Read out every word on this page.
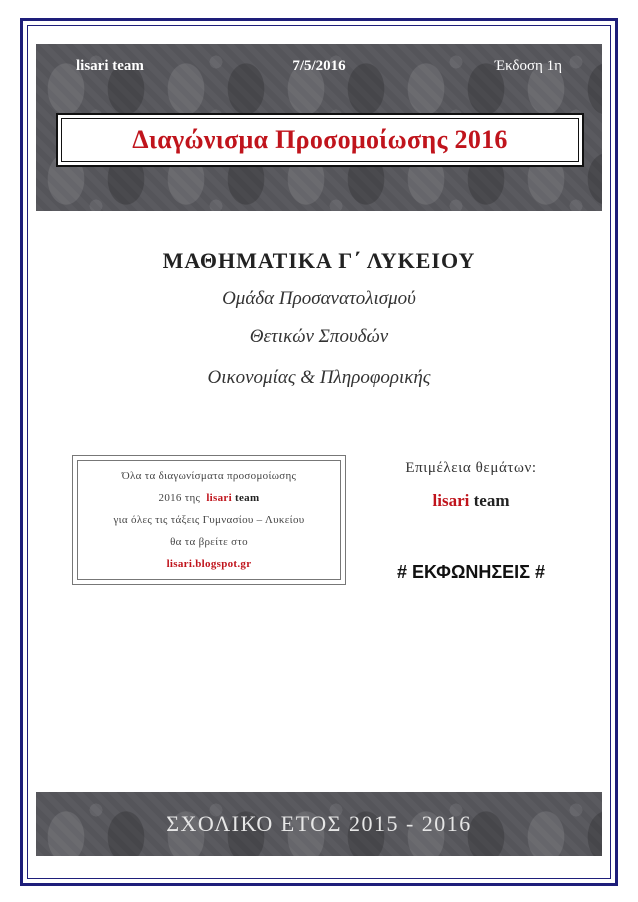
lisari team	7/5/2016	Έκδοση 1η
Διαγώνισμα Προσομοίωσης 2016
ΜΑΘΗΜΑΤΙΚΑ Γ΄ ΛΥΚΕΙΟΥ
Ομάδα Προσανατολισμού
Θετικών Σπουδών
Οικονομίας & Πληροφορικής
Όλα τα διαγωνίσματα προσομοίωσης
2016 της lisari team
για όλες τις τάξεις Γυμνασίου – Λυκείου
θα τα βρείτε στο
lisari.blogspot.gr
Επιμέλεια θεμάτων:
lisari team
# ΕΚΦΩΝΗΣΕΙΣ #
ΣΧΟΛΙΚΟ ΕΤΟΣ 2015 - 2016
